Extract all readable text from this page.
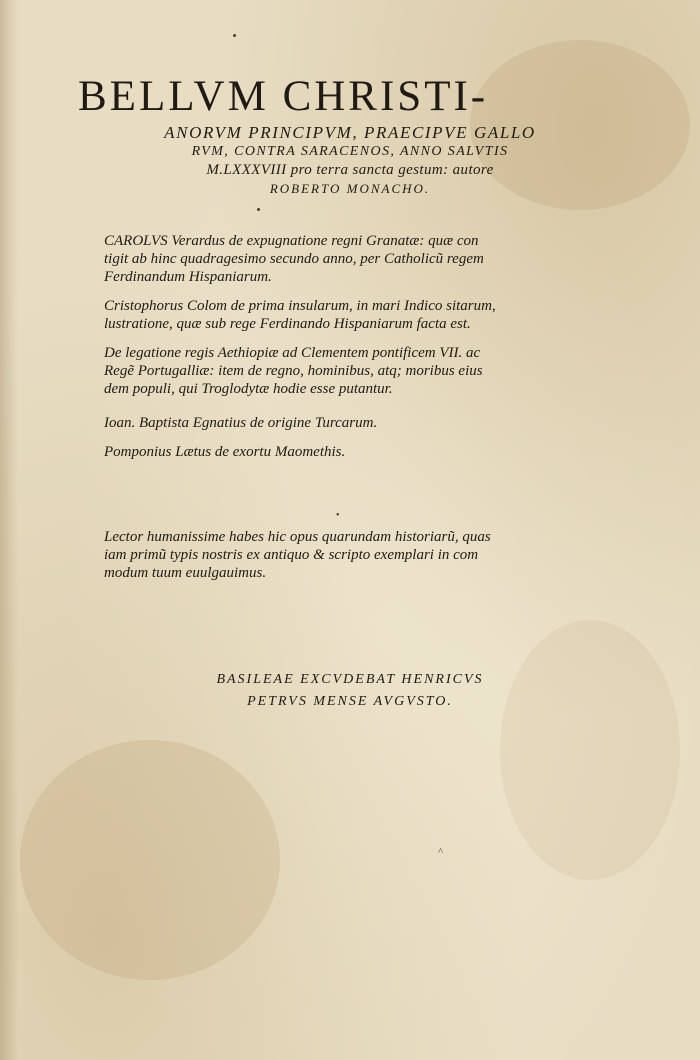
BELLVM CHRISTI-
ANORVM PRINCIPVM, PRAECIPVE GALLO
RVM, CONTRA SARACENOS, ANNO SALVTIS
M.LXXXVIII pro terra sancta gestum: autore
ROBERTO MONACHO.
CAROLVS Verardus de expugnatione regni Granatæ: quæ con
tigit ab hinc quadragesimo secundo anno, per Catholicũ regem
Ferdinandum Hispaniarum.
Cristophorus Colom de prima insularum, in mari Indico sitarum,
lustratione, quæ sub rege Ferdinando Hispaniarum facta est.
De legatione regis Aethiopiæ ad Clementem pontificem VII. ac
Regẽ Portugalliæ: item de regno, hominibus, atq; moribus eius
dem populi, qui Troglodytæ hodie esse putantur.
Ioan. Baptista Egnatius de origine Turcarum.
Pomponius Lætus de exortu Maomethis.
•
Lector humanissime habes hic opus quarundam historiarũ, quas
iam primũ typis nostris ex antiquo & scripto exemplari in com
modum tuum euulgauimus.
BASILEAE EXCVDEBAT HENRICVS
PETRVS MENSE AVGVSTO.
^
